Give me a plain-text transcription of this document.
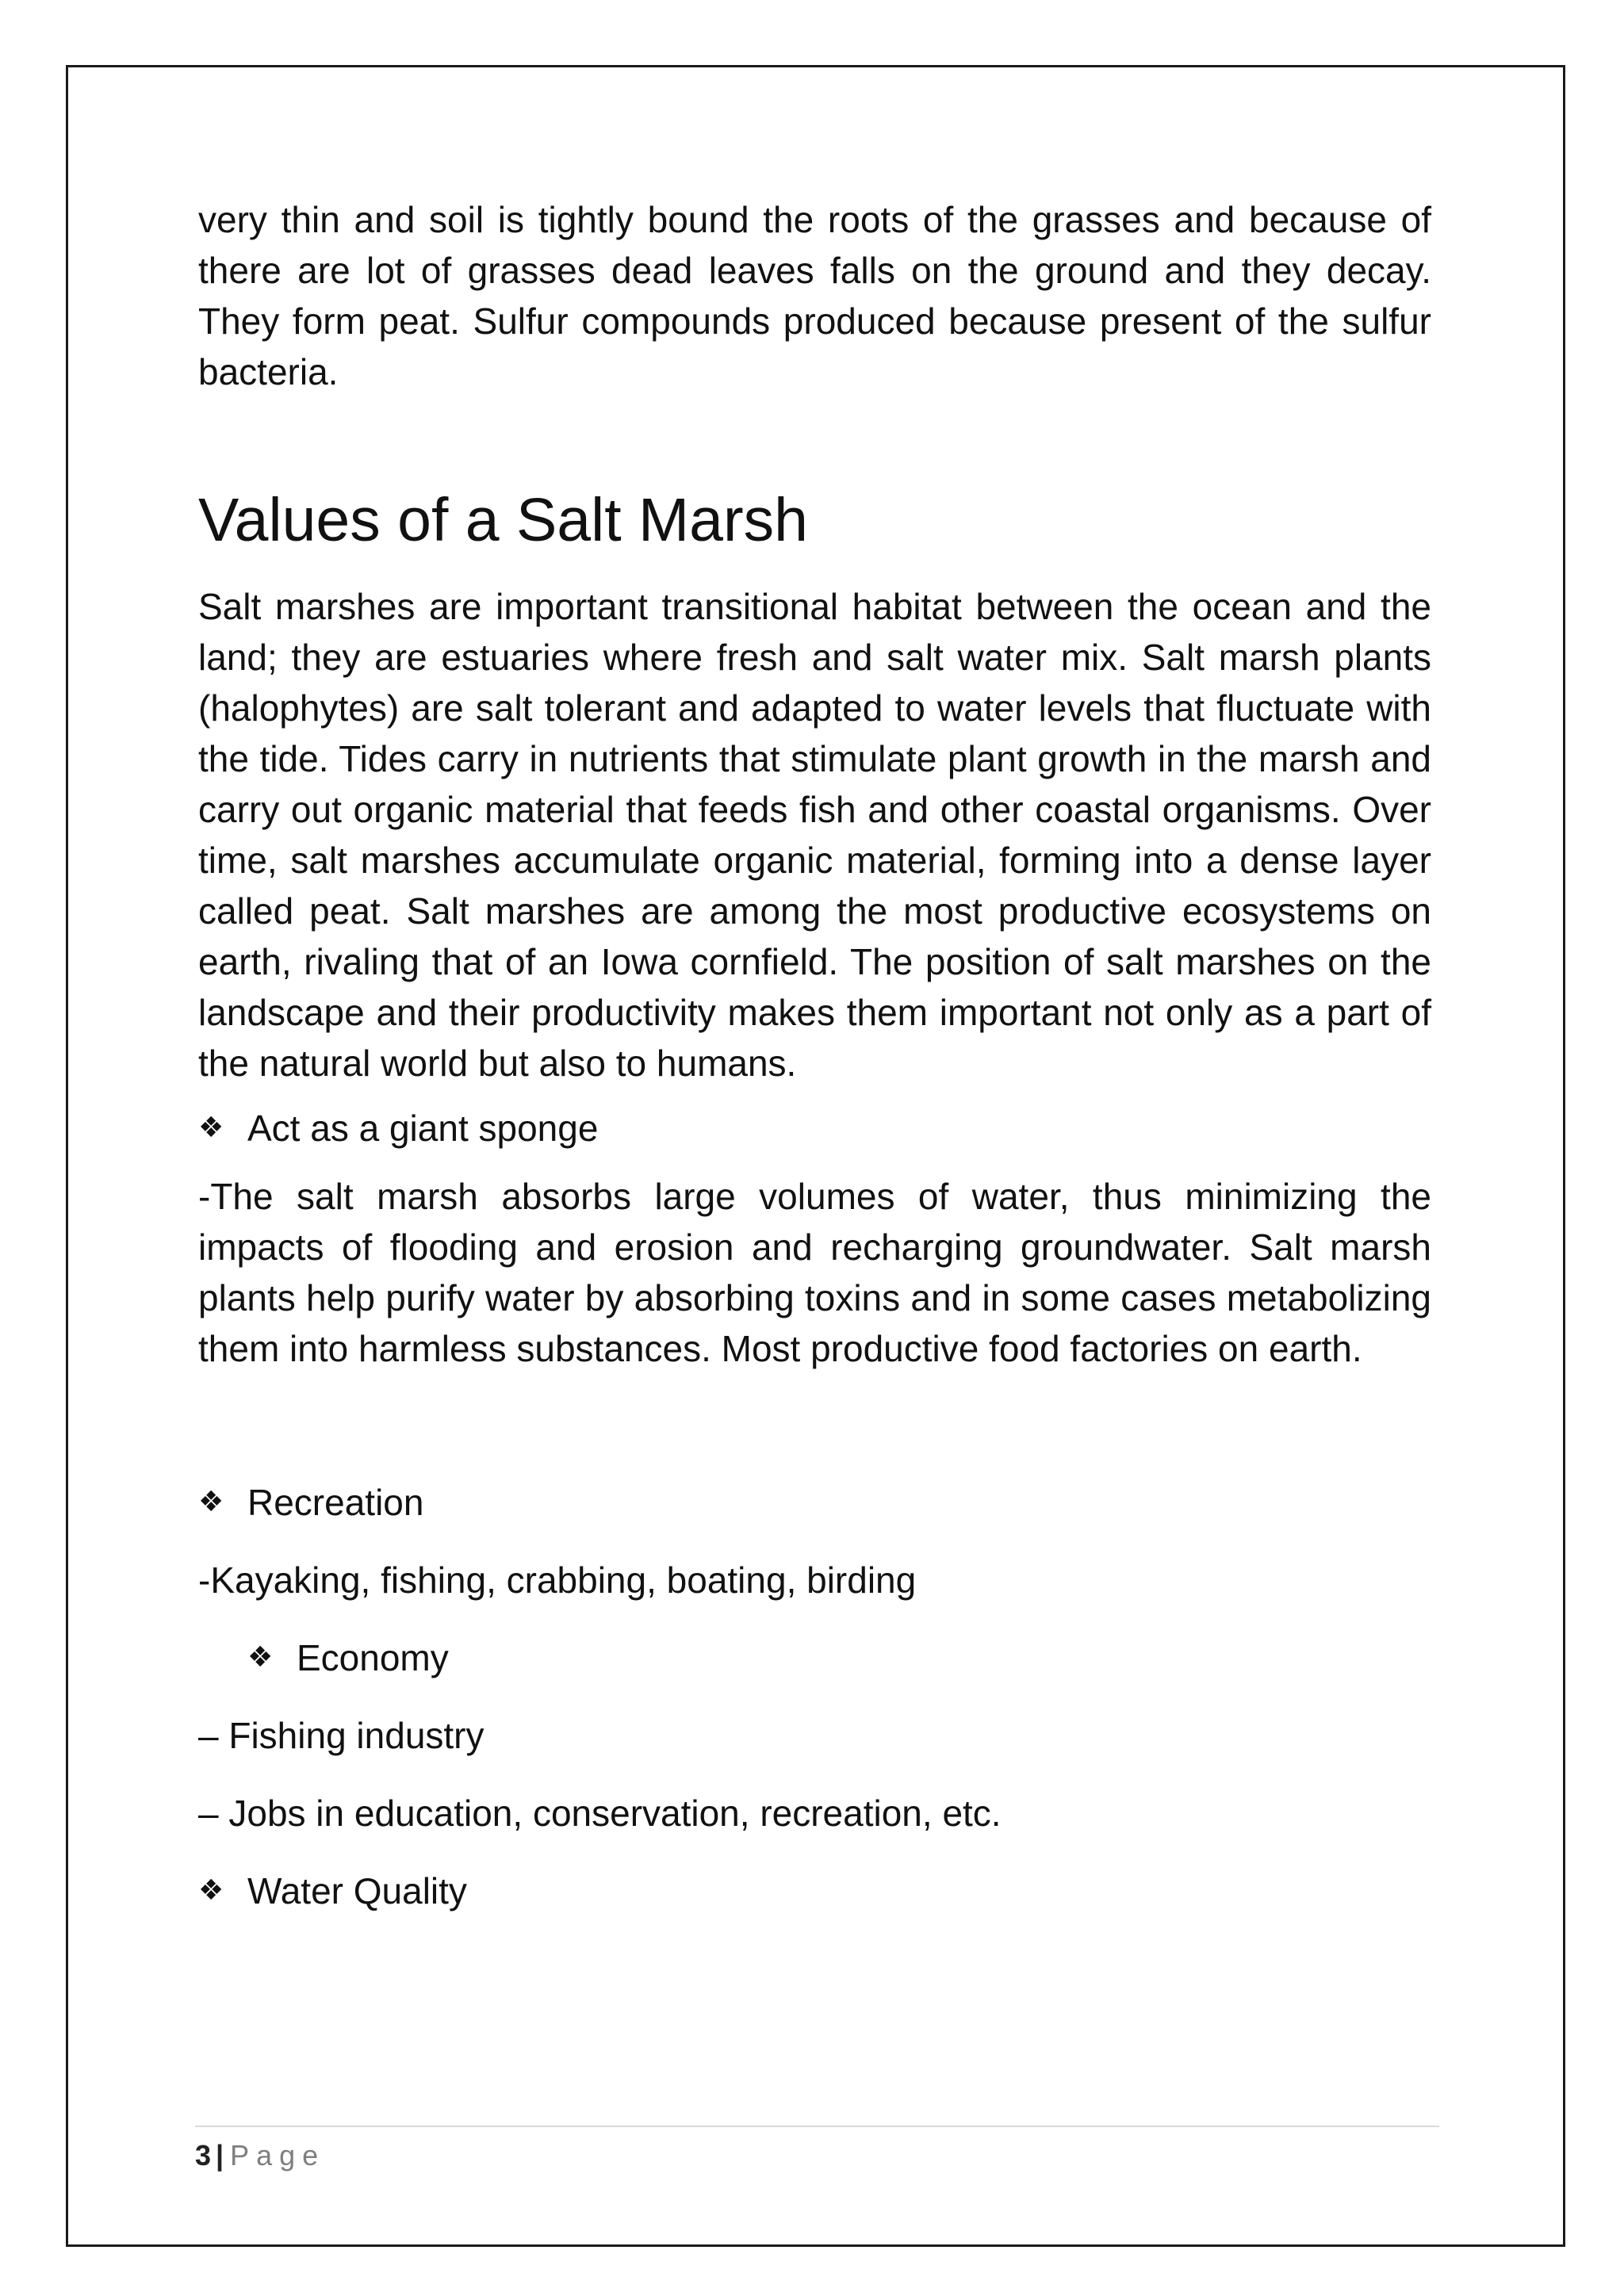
very thin and soil is tightly bound the roots of the grasses and because of there are lot of grasses dead leaves falls on the ground and they decay. They form peat. Sulfur compounds produced because present of the sulfur bacteria.

Values of a Salt Marsh

Salt marshes are important transitional habitat between the ocean and the land; they are estuaries where fresh and salt water mix. Salt marsh plants (halophytes) are salt tolerant and adapted to water levels that fluctuate with the tide. Tides carry in nutrients that stimulate plant growth in the marsh and carry out organic material that feeds fish and other coastal organisms. Over time, salt marshes accumulate organic material, forming into a dense layer called peat. Salt marshes are among the most productive ecosystems on earth, rivaling that of an Iowa cornfield. The position of salt marshes on the landscape and their productivity makes them important not only as a part of the natural world but also to humans.

❖ Act as a giant sponge

-The salt marsh absorbs large volumes of water, thus minimizing the impacts of flooding and erosion and recharging groundwater. Salt marsh plants help purify water by absorbing toxins and in some cases metabolizing them into harmless substances. Most productive food factories on earth.

❖ Recreation

-Kayaking, fishing, crabbing, boating, birding

❖ Economy

– Fishing industry

– Jobs in education, conservation, recreation, etc.

❖ Water Quality
3 | Page
